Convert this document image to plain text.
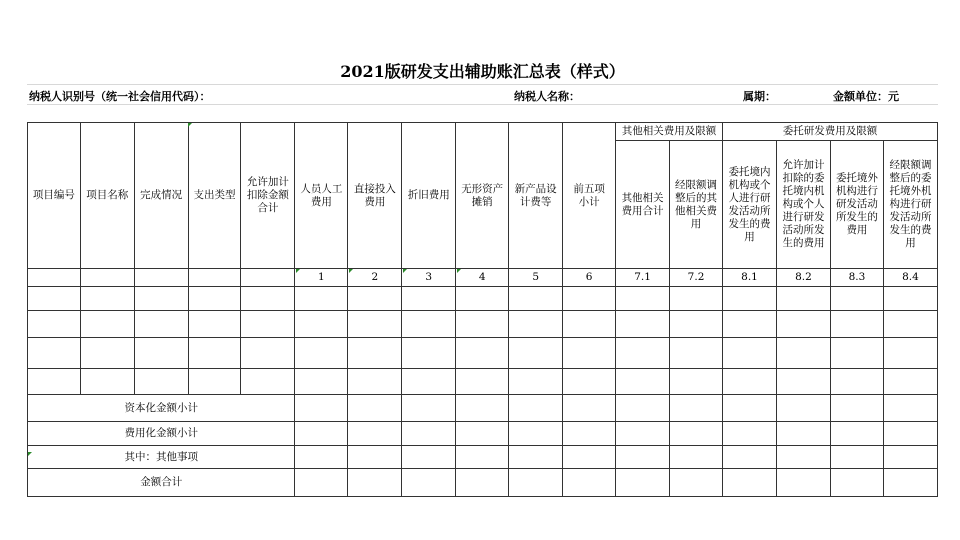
2021版研发支出辅助账汇总表（样式）
纳税人识别号（统一社会信用代码）：	纳税人名称：	属期：	金额单位：元
项目编号	项目名称	完成情况	支出类型	允许加计扣除金额合计	人员人工费用	直接投入费用	折旧费用	无形资产摊销	新产品设计费等	前五项小计	其他相关费用及限额		委托研发费用及限额			

											其他相关费用合计	经限额调整后的其他相关费用	委托境内机构或个人进行研发活动所发生的费用	允许加计扣除的委托境内机构或个人进行研发活动所发生的费用	委托境外机构进行研发活动所发生的费用	经限额调整后的委托境外机构进行研发活动所发生的费用

					1	2	3	4	5	6	7.1	7.2	8.1	8.2	8.3	8.4

资本化金额小计																
费用化金额小计																
其中：其他事项																
金额合计																
